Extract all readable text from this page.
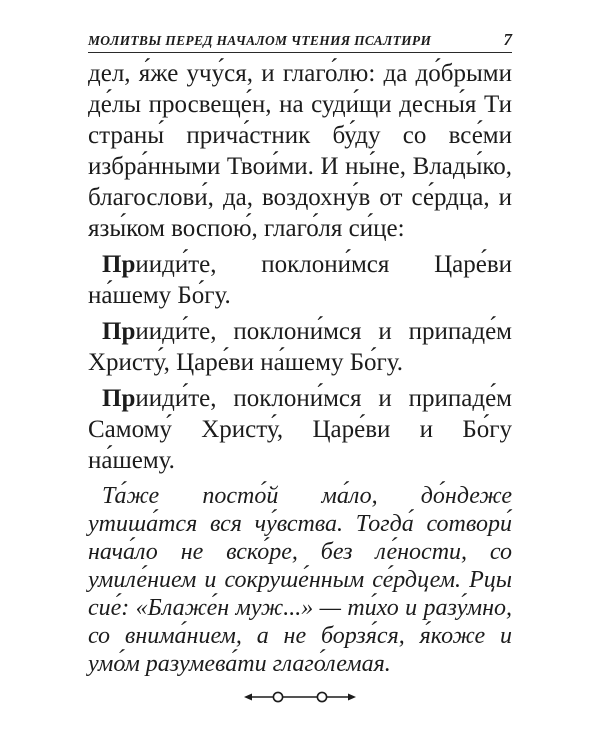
МОЛИТВЫ ПЕРЕД НАЧАЛОМ ЧТЕНИЯ ПСАЛТИРИ	7

дел, я́же учу́ся, и глаго́лю: да до́брыми де́лы просвеще́н, на суди́щи десны́я Ти страны́ прича́стник бу́ду со все́ми избра́нными Твои́ми. И ны́не, Влады́ко, благослови́, да, воздохну́в от се́рдца, и язы́ком воспою́, глаго́ля си́це:

Прииди́те, поклони́мся Царе́ви на́шему Бо́гу.

Прииди́те, поклони́мся и припаде́м Христу́, Царе́ви на́шему Бо́гу.

Прииди́те, поклони́мся и припаде́м Самому́ Христу́, Царе́ви и Бо́гу на́шему.

Та́же посто́й ма́ло, до́ндеже утиша́тся вся чу́вства. Тогда́ сотвори́ нача́ло не вско́ре, без ле́ности, со умиле́нием и сокруше́нным се́рдцем. Рцы сие́: «Блаже́н муж...» — ти́хо и разу́мно, со внима́нием, а не борзя́ся, я́коже и умо́м разумева́ти глаго́лемая.
